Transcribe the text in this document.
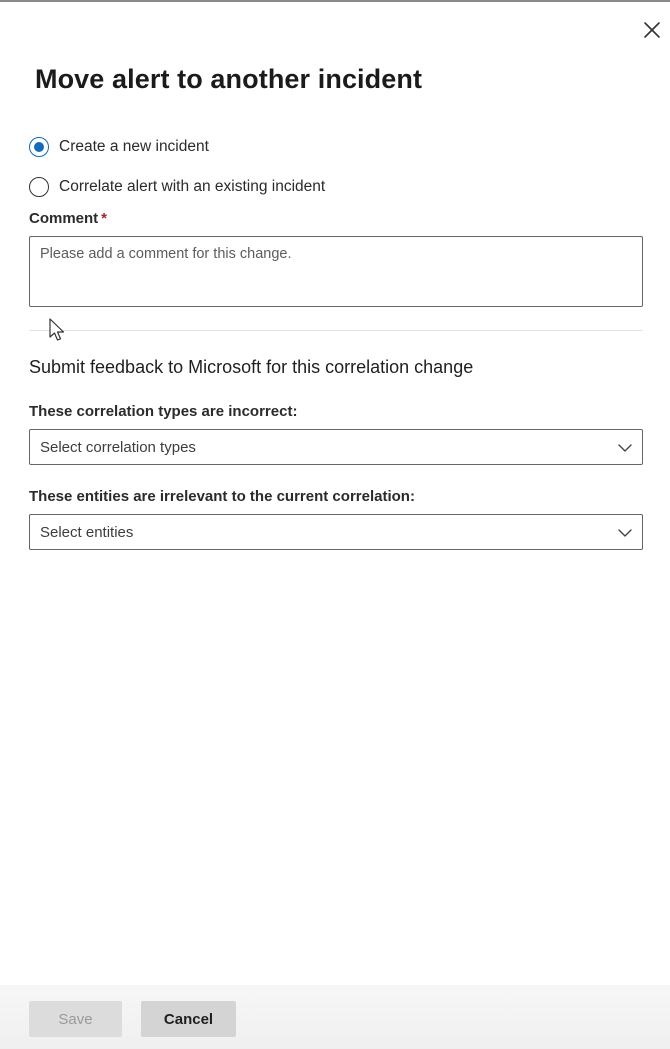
Move alert to another incident
Create a new incident
Correlate alert with an existing incident
Comment *
Please add a comment for this change.
Submit feedback to Microsoft for this correlation change
These correlation types are incorrect:
Select correlation types
These entities are irrelevant to the current correlation:
Select entities
Save	Cancel
